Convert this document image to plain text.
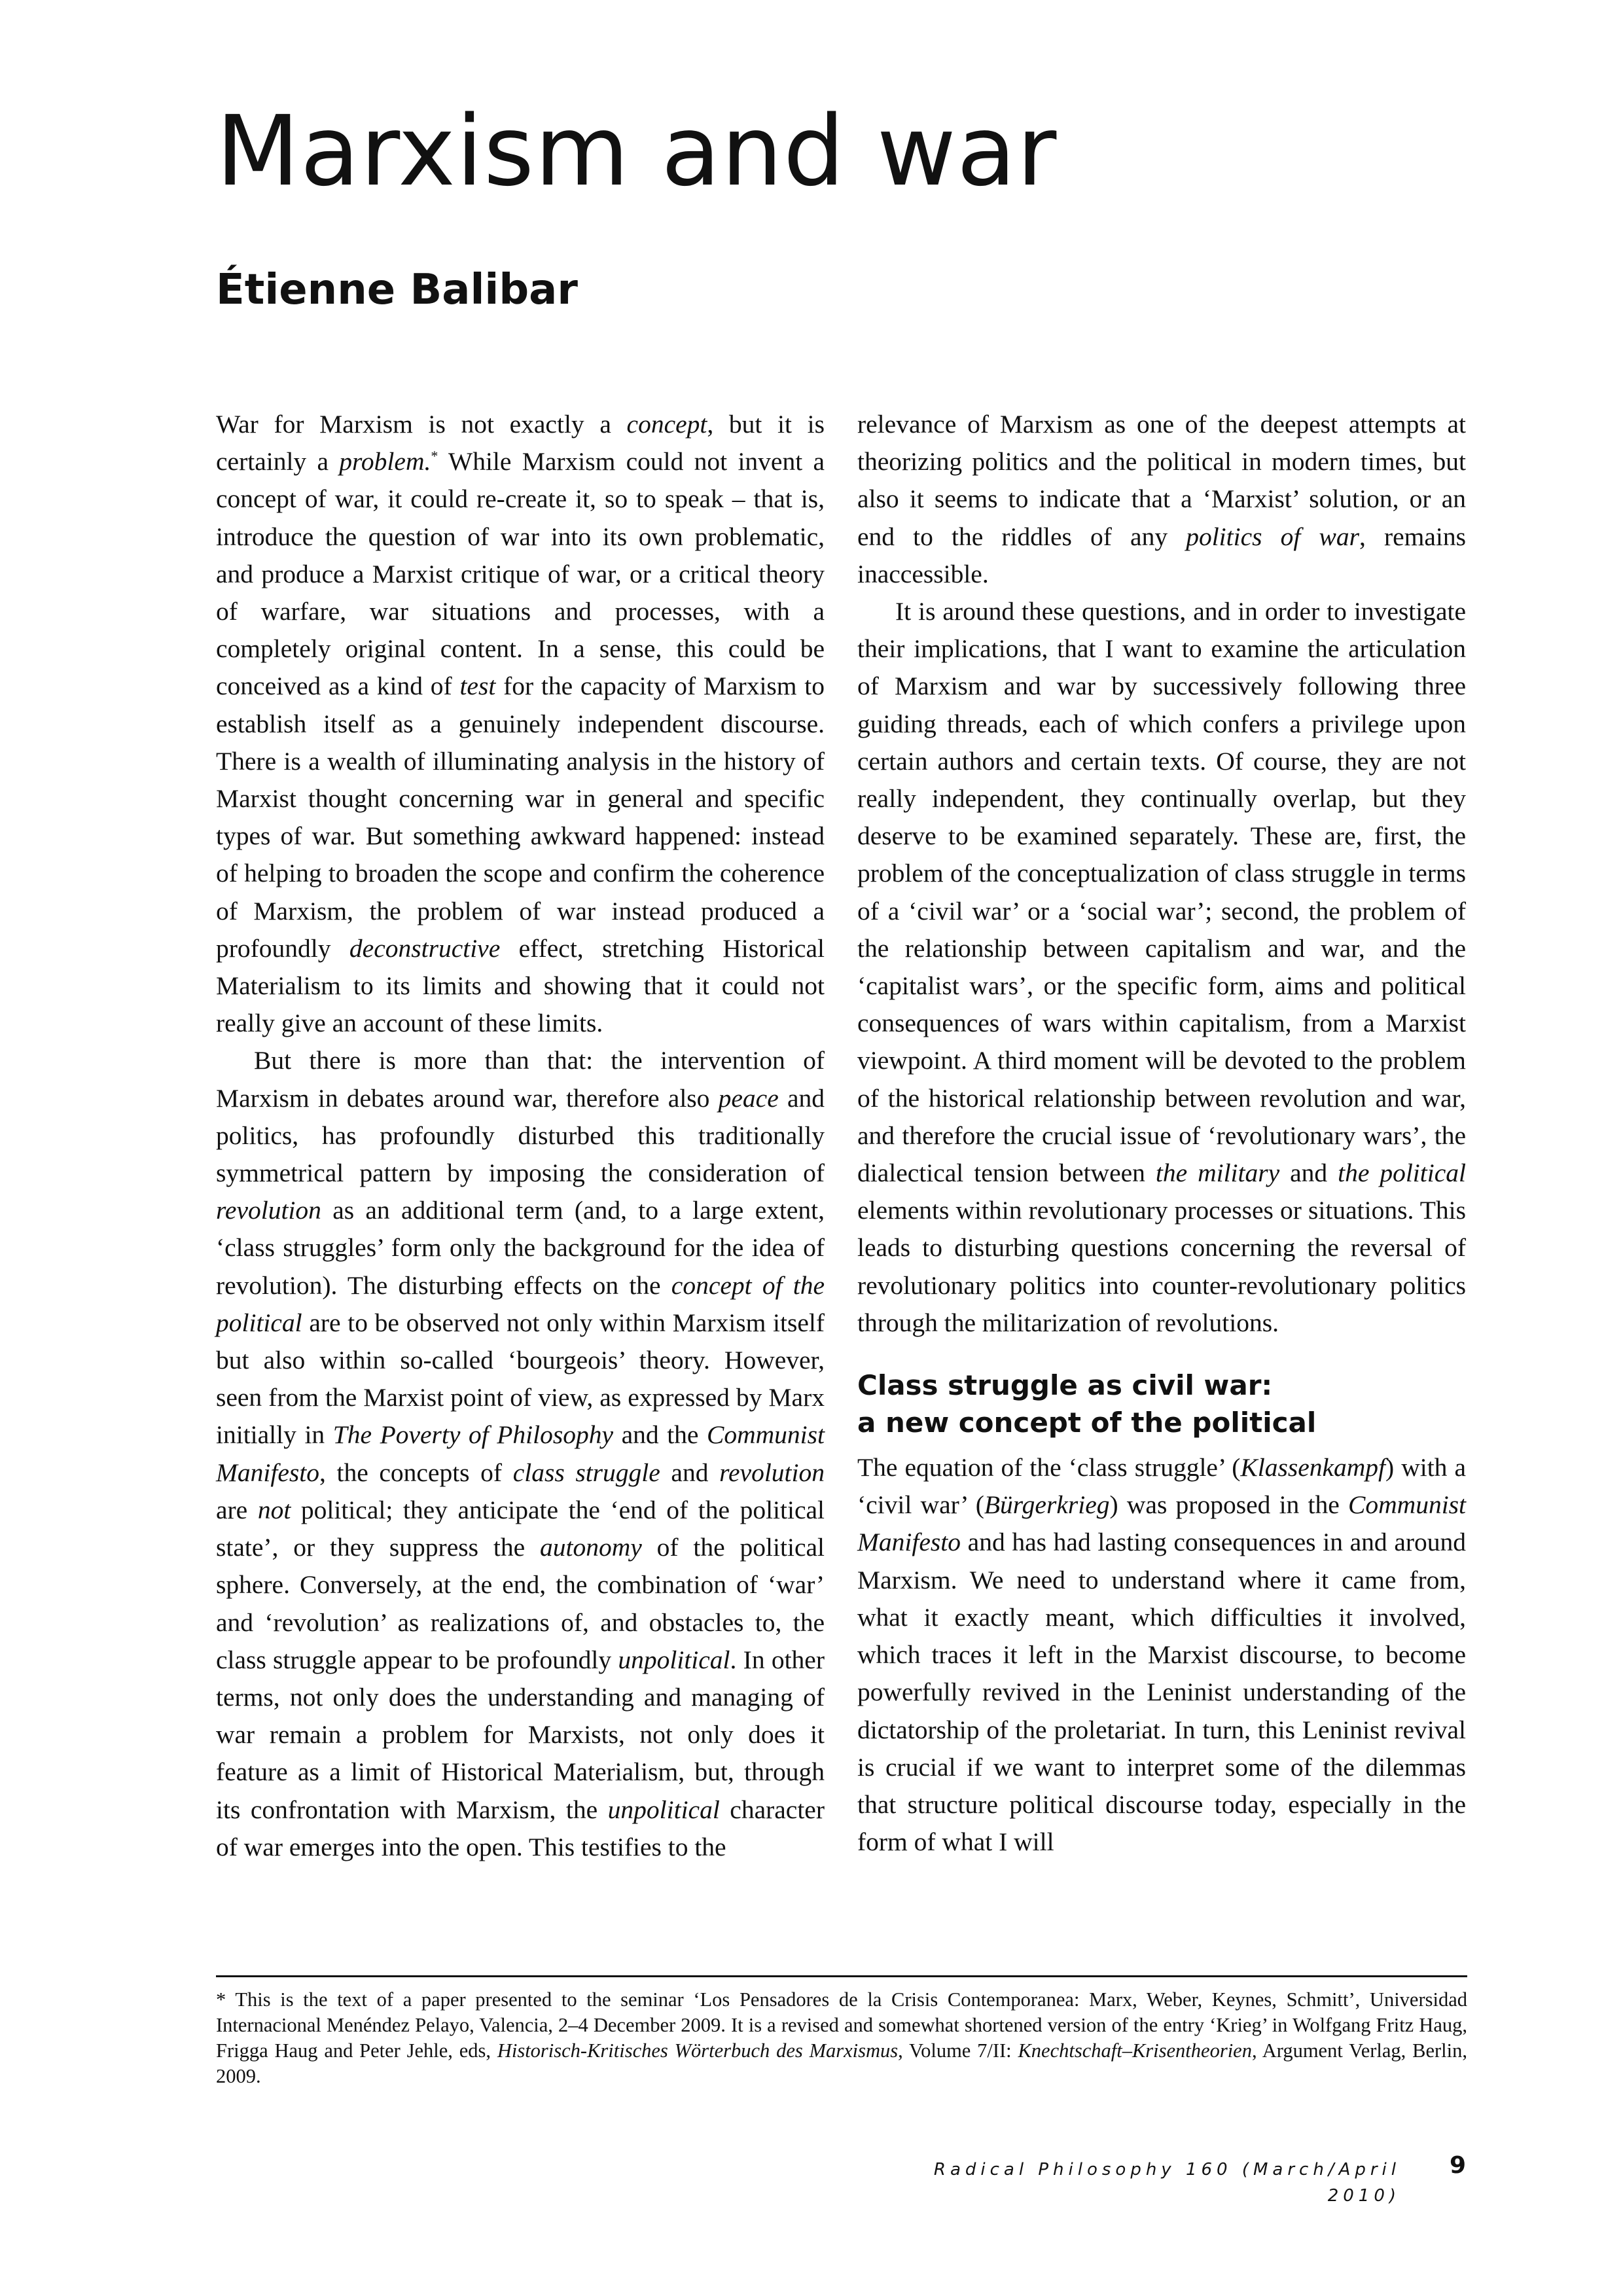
Marxism and war
Étienne Balibar

War for Marxism is not exactly a concept, but it is certainly a problem.* While Marxism could not invent a concept of war, it could re-create it, so to speak – that is, introduce the question of war into its own problematic, and produce a Marxist critique of war, or a critical theory of warfare, war situations and processes, with a completely original content. In a sense, this could be conceived as a kind of test for the capacity of Marxism to establish itself as a genuinely independent discourse. There is a wealth of illuminating analysis in the history of Marxist thought concerning war in general and specific types of war. But something awkward happened: instead of helping to broaden the scope and confirm the coherence of Marxism, the problem of war instead produced a profoundly deconstructive effect, stretching Historical Materialism to its limits and showing that it could not really give an account of these limits.

But there is more than that: the intervention of Marxism in debates around war, therefore also peace and politics, has profoundly disturbed this traditionally symmetrical pattern by imposing the consideration of revolution as an additional term (and, to a large extent, ‘class struggles’ form only the background for the idea of revolution). The disturbing effects on the concept of the political are to be observed not only within Marxism itself but also within so-called ‘bourgeois’ theory. However, seen from the Marxist point of view, as expressed by Marx initially in The Poverty of Philosophy and the Communist Manifesto, the concepts of class struggle and revolution are not political; they anticipate the ‘end of the political state’, or they suppress the autonomy of the political sphere. Conversely, at the end, the combination of ‘war’ and ‘revolution’ as realizations of, and obstacles to, the class struggle appear to be profoundly unpolitical. In other terms, not only does the understanding and managing of war remain a problem for Marxists, not only does it feature as a limit of Historical Materialism, but, through its confrontation with Marxism, the unpolitical character of war emerges into the open. This testifies to the

relevance of Marxism as one of the deepest attempts at theorizing politics and the political in modern times, but also it seems to indicate that a ‘Marxist’ solution, or an end to the riddles of any politics of war, remains inaccessible.

It is around these questions, and in order to investigate their implications, that I want to examine the articulation of Marxism and war by successively following three guiding threads, each of which confers a privilege upon certain authors and certain texts. Of course, they are not really independent, they continually overlap, but they deserve to be examined separately. These are, first, the problem of the conceptualization of class struggle in terms of a ‘civil war’ or a ‘social war’; second, the problem of the relationship between capitalism and war, and the ‘capitalist wars’, or the specific form, aims and political consequences of wars within capitalism, from a Marxist viewpoint. A third moment will be devoted to the problem of the historical relationship between revolution and war, and therefore the crucial issue of ‘revolutionary wars’, the dialectical tension between the military and the political elements within revolutionary processes or situations. This leads to disturbing questions concerning the reversal of revolutionary politics into counter-revolutionary politics through the militarization of revolutions.

Class struggle as civil war:
a new concept of the political

The equation of the ‘class struggle’ (Klassenkampf) with a ‘civil war’ (Bürgerkrieg) was proposed in the Communist Manifesto and has had lasting consequences in and around Marxism. We need to understand where it came from, what it exactly meant, which difficulties it involved, which traces it left in the Marxist discourse, to become powerfully revived in the Leninist understanding of the dictatorship of the proletariat. In turn, this Leninist revival is crucial if we want to interpret some of the dilemmas that structure political discourse today, especially in the form of what I will

* This is the text of a paper presented to the seminar ‘Los Pensadores de la Crisis Contemporanea: Marx, Weber, Keynes, Schmitt’, Universidad Internacional Menéndez Pelayo, Valencia, 2–4 December 2009. It is a revised and somewhat shortened version of the entry ‘Krieg’ in Wolfgang Fritz Haug, Frigga Haug and Peter Jehle, eds, Historisch-Kritisches Wörterbuch des Marxismus, Volume 7/II: Knechtschaft–Krisentheorien, Argument Verlag, Berlin, 2009.

Radical Philosophy 160 (March/April 2010)
9
